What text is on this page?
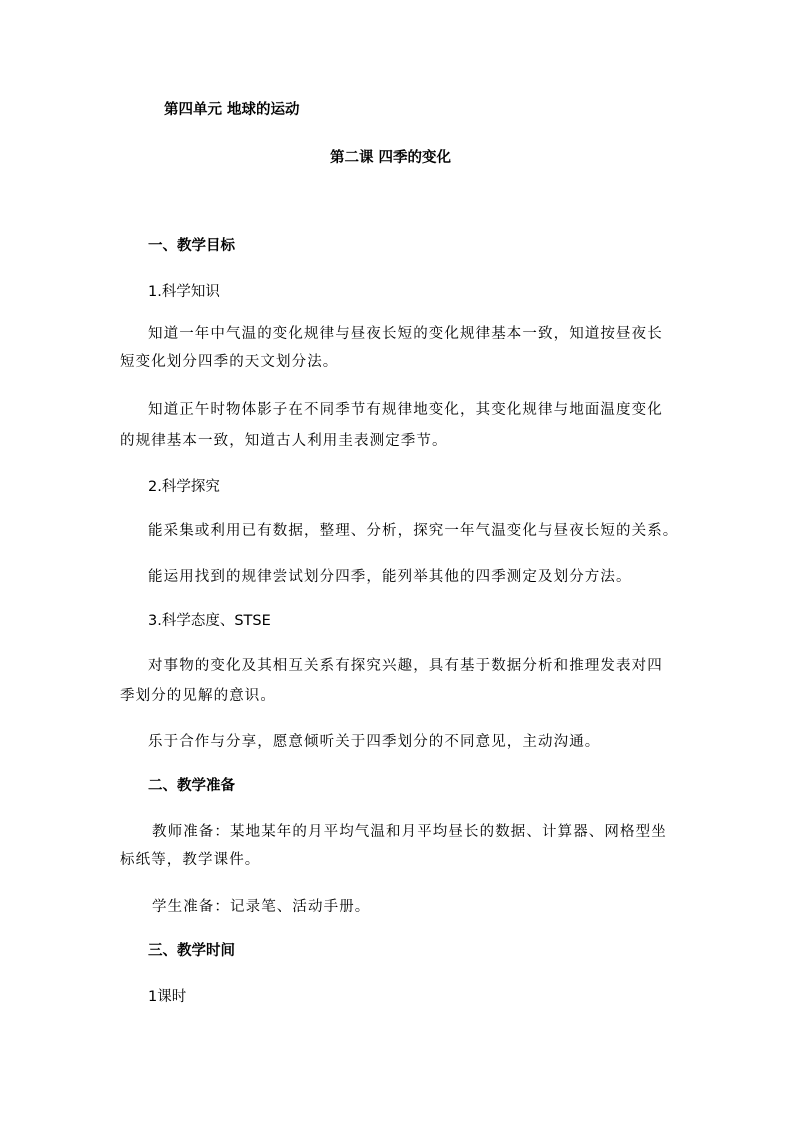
第四单元 地球的运动
第二课 四季的变化
一、教学目标
1.科学知识
知道一年中气温的变化规律与昼夜长短的变化规律基本一致，知道按昼夜长
短变化划分四季的天文划分法。
知道正午时物体影子在不同季节有规律地变化，其变化规律与地面温度变化
的规律基本一致，知道古人利用圭表测定季节。
2.科学探究
能采集或利用已有数据，整理、分析，探究一年气温变化与昼夜长短的关系。
能运用找到的规律尝试划分四季，能列举其他的四季测定及划分方法。
3.科学态度、STSE
对事物的变化及其相互关系有探究兴趣，具有基于数据分析和推理发表对四
季划分的见解的意识。
乐于合作与分享，愿意倾听关于四季划分的不同意见，主动沟通。
二、教学准备
教师准备：某地某年的月平均气温和月平均昼长的数据、计算器、网格型坐
标纸等，教学课件。
学生准备：记录笔、活动手册。
三、教学时间
1课时
